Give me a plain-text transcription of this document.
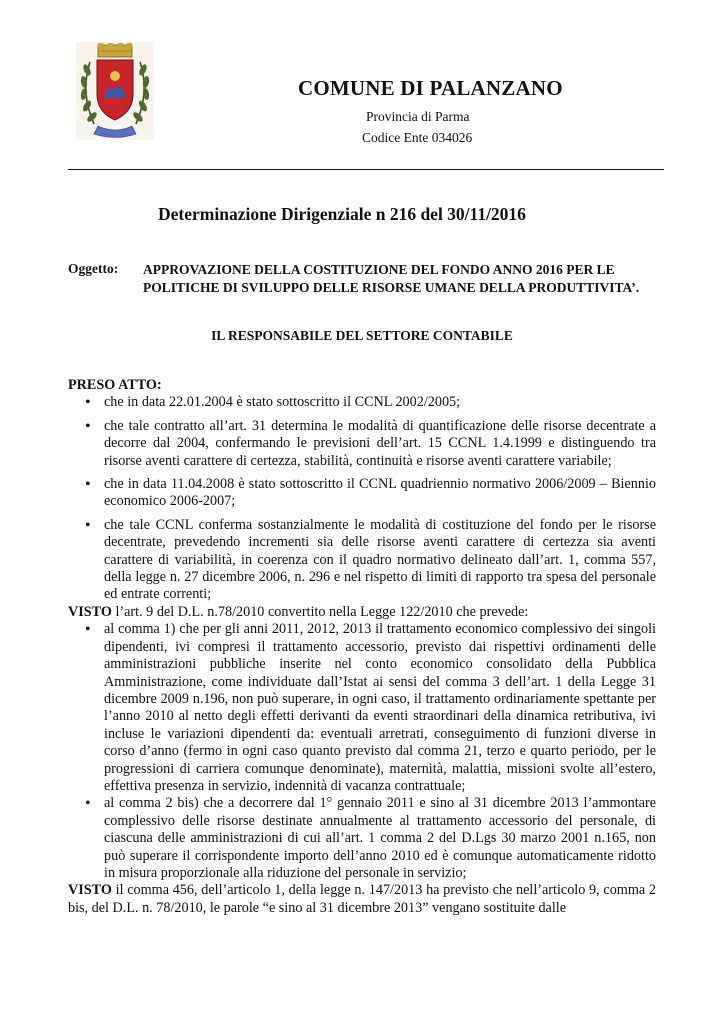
COMUNE DI PALANZANO
Provincia di Parma
Codice Ente 034026
Determinazione Dirigenziale n 216 del 30/11/2016
Oggetto: APPROVAZIONE DELLA COSTITUZIONE DEL FONDO ANNO 2016 PER LE POLITICHE DI SVILUPPO DELLE RISORSE UMANE DELLA PRODUTTIVITA’.
IL RESPONSABILE DEL SETTORE CONTABILE

PRESO ATTO:

• che in data 22.01.2004 è stato sottoscritto il CCNL 2002/2005;
• che tale contratto all’art. 31 determina le modalità di quantificazione delle risorse decentrate a decorre dal 2004, confermando le previsioni dell’art. 15 CCNL 1.4.1999 e distinguendo tra risorse aventi carattere di certezza, stabilità, continuità e risorse aventi carattere variabile;
• che in data 11.04.2008 è stato sottoscritto il CCNL quadriennio normativo 2006/2009 – Biennio economico 2006-2007;
• che tale CCNL conferma sostanzialmente le modalità di costituzione del fondo per le risorse decentrate, prevedendo incrementi sia delle risorse aventi carattere di certezza sia aventi carattere di variabilità, in coerenza con il quadro normativo delineato dall’art. 1, comma 557, della legge n. 27 dicembre 2006, n. 296 e nel rispetto di limiti di rapporto tra spesa del personale ed entrate correnti;

VISTO l’art. 9 del D.L. n.78/2010 convertito nella Legge 122/2010 che prevede:

• al comma 1) che per gli anni 2011, 2012, 2013 il trattamento economico complessivo dei singoli dipendenti, ivi compresi il trattamento accessorio, previsto dai rispettivi ordinamenti delle amministrazioni pubbliche inserite nel conto economico consolidato della Pubblica Amministrazione, come individuate dall’Istat ai sensi del comma 3 dell’art. 1 della Legge 31 dicembre 2009 n.196, non può superare, in ogni caso, il trattamento ordinariamente spettante per l’anno 2010 al netto degli effetti derivanti da eventi straordinari della dinamica retributiva, ivi incluse le variazioni dipendenti da: eventuali arretrati, conseguimento di funzioni diverse in corso d’anno (fermo in ogni caso quanto previsto dal comma 21, terzo e quarto periodo, per le progressioni di carriera comunque denominate), maternità, malattia, missioni svolte all’estero, effettiva presenza in servizio, indennità di vacanza contrattuale;
• al comma 2 bis) che a decorrere dal 1° gennaio 2011 e sino al 31 dicembre 2013 l’ammontare complessivo delle risorse destinate annualmente al trattamento accessorio del personale, di ciascuna delle amministrazioni di cui all’art. 1 comma 2 del D.Lgs 30 marzo 2001 n.165, non può superare il corrispondente importo dell’anno 2010 ed è comunque automaticamente ridotto in misura proporzionale alla riduzione del personale in servizio;

VISTO il comma 456, dell’articolo 1, della legge n. 147/2013 ha previsto che nell’articolo 9, comma 2 bis, del D.L. n. 78/2010, le parole “e sino al 31 dicembre 2013” vengano sostituite dalle
